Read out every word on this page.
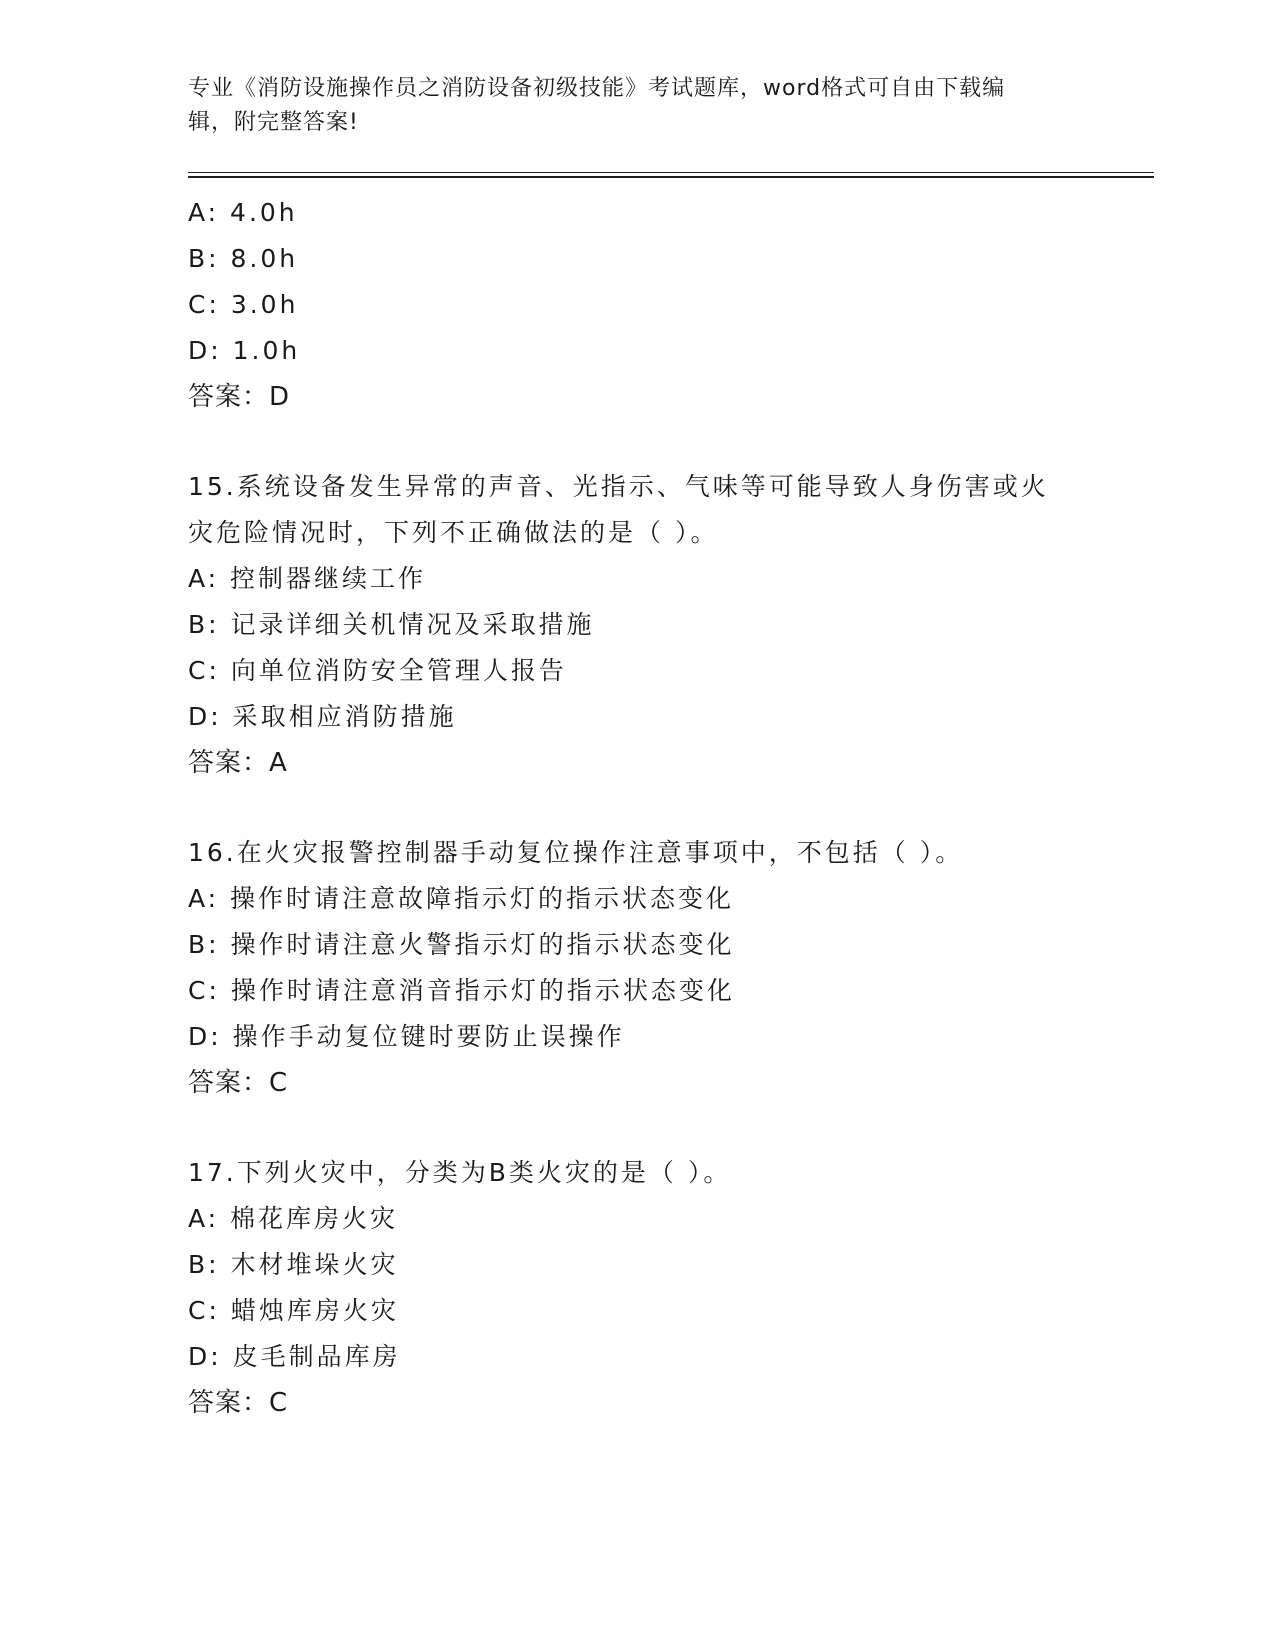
专业《消防设施操作员之消防设备初级技能》考试题库，word格式可自由下载编
辑，附完整答案!
A: 4.0h
B: 8.0h
C: 3.0h
D: 1.0h
答案：D
15.系统设备发生异常的声音、光指示、气味等可能导致人身伤害或火
灾危险情况时，下列不正确做法的是（ ）。
A: 控制器继续工作
B: 记录详细关机情况及采取措施
C: 向单位消防安全管理人报告
D: 采取相应消防措施
答案：A
16.在火灾报警控制器手动复位操作注意事项中，不包括（ ）。
A: 操作时请注意故障指示灯的指示状态变化
B: 操作时请注意火警指示灯的指示状态变化
C: 操作时请注意消音指示灯的指示状态变化
D: 操作手动复位键时要防止误操作
答案：C
17.下列火灾中，分类为B类火灾的是（ ）。
A: 棉花库房火灾
B: 木材堆垛火灾
C: 蜡烛库房火灾
D: 皮毛制品库房
答案：C
